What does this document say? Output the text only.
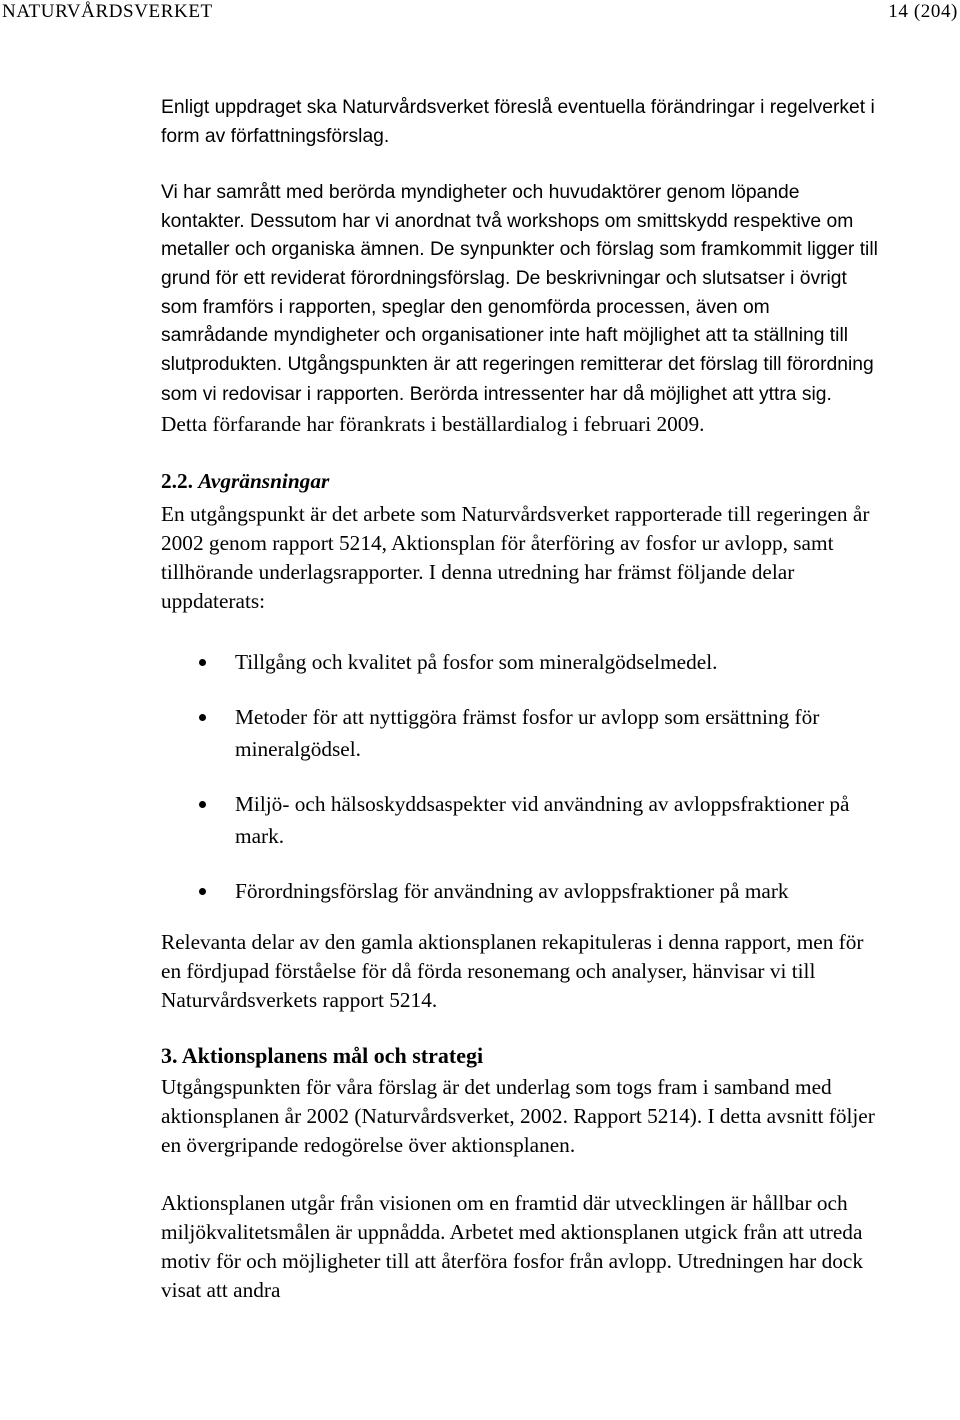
NATURVÅRDSVERKET	14 (204)

Enligt uppdraget ska Naturvårdsverket föreslå eventuella förändringar i regelverket i form av författningsförslag.

Vi har samrått med berörda myndigheter och huvudaktörer genom löpande kontakter. Dessutom har vi anordnat två workshops om smittskydd respektive om metaller och organiska ämnen. De synpunkter och förslag som framkommit ligger till grund för ett reviderat förordningsförslag. De beskrivningar och slutsatser i övrigt som framförs i rapporten, speglar den genomförda processen, även om samrådande myndigheter och organisationer inte haft möjlighet att ta ställning till slutprodukten. Utgångspunkten är att regeringen remitterar det förslag till förordning som vi redovisar i rapporten. Berörda intressenter har då möjlighet att yttra sig. Detta förfarande har förankrats i beställardialog i februari 2009.

2.2. Avgränsningar

En utgångspunkt är det arbete som Naturvårdsverket rapporterade till regeringen år 2002 genom rapport 5214, Aktionsplan för återföring av fosfor ur avlopp, samt tillhörande underlagsrapporter. I denna utredning har främst följande delar uppdaterats:

Tillgång och kvalitet på fosfor som mineralgödselmedel.
Metoder för att nyttiggöra främst fosfor ur avlopp som ersättning för mineralgödsel.
Miljö- och hälsoskyddsaspekter vid användning av avloppsfraktioner på mark.
Förordningsförslag för användning av avloppsfraktioner på mark

Relevanta delar av den gamla aktionsplanen rekapituleras i denna rapport, men för en fördjupad förståelse för då förda resonemang och analyser, hänvisar vi till Naturvårdsverkets rapport 5214.

3. Aktionsplanens mål och strategi

Utgångspunkten för våra förslag är det underlag som togs fram i samband med aktionsplanen år 2002 (Naturvårdsverket, 2002. Rapport 5214). I detta avsnitt följer en övergripande redogörelse över aktionsplanen.

Aktionsplanen utgår från visionen om en framtid där utvecklingen är hållbar och miljökvalitetsmålen är uppnådda. Arbetet med aktionsplanen utgick från att utreda motiv för och möjligheter till att återföra fosfor från avlopp. Utredningen har dock visat att andra
